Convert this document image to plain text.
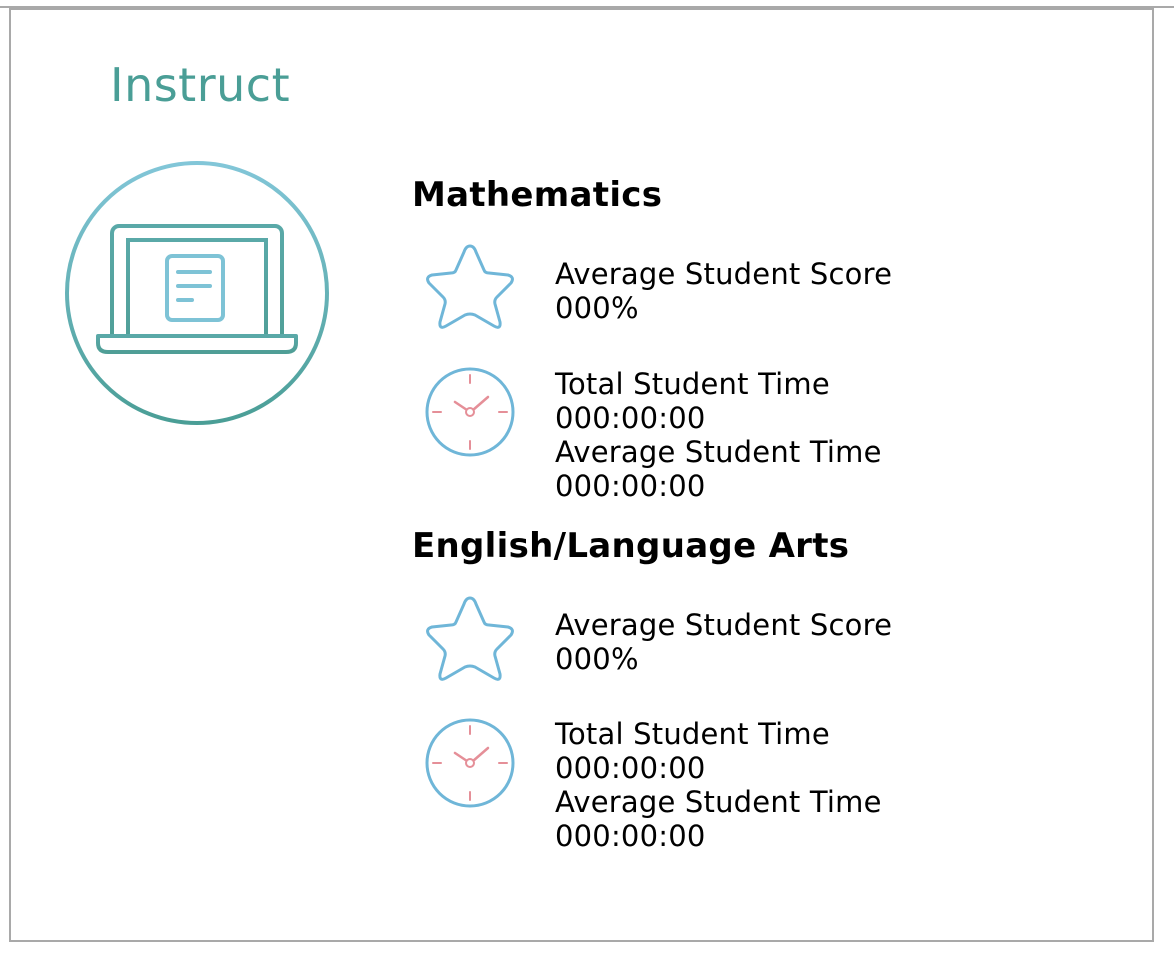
Instruct
Mathematics
Average Student Score
000%
Total Student Time
000:00:00
Average Student Time
000:00:00
English/Language Arts
Average Student Score
000%
Total Student Time
000:00:00
Average Student Time
000:00:00
